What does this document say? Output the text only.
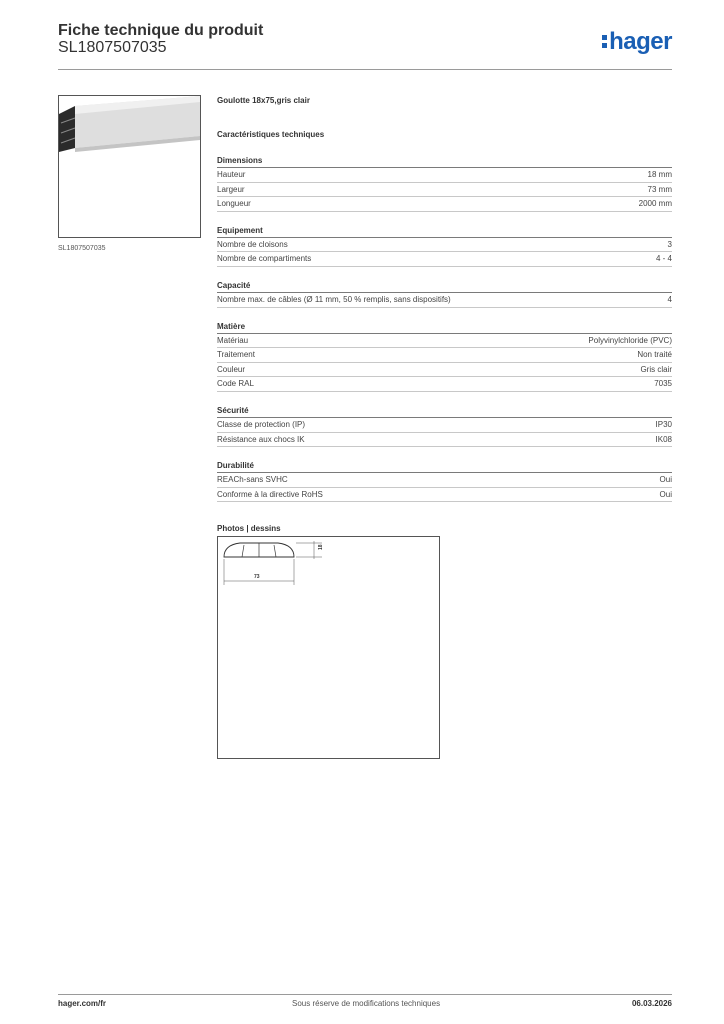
Fiche technique du produit
SL1807507035	hager
SL1807507035
Goulotte 18x75,gris clair
Caractéristiques techniques
Dimensions
Hauteur	18 mm
Largeur	73 mm
Longueur	2000 mm
Equipement
Nombre de cloisons	3
Nombre de compartiments	4 - 4
Capacité
Nombre max. de câbles (Ø 11 mm, 50 % remplis, sans dispositifs)	4
Matière
Matériau	Polyvinylchloride (PVC)
Traitement	Non traité
Couleur	Gris clair
Code RAL	7035
Sécurité
Classe de protection (IP)	IP30
Résistance aux chocs IK	IK08
Durabilité
REACh-sans SVHC	Oui
Conforme à la directive RoHS	Oui
Photos | dessins
18
73
hager.com/fr	Sous réserve de modifications techniques	06.03.2026
